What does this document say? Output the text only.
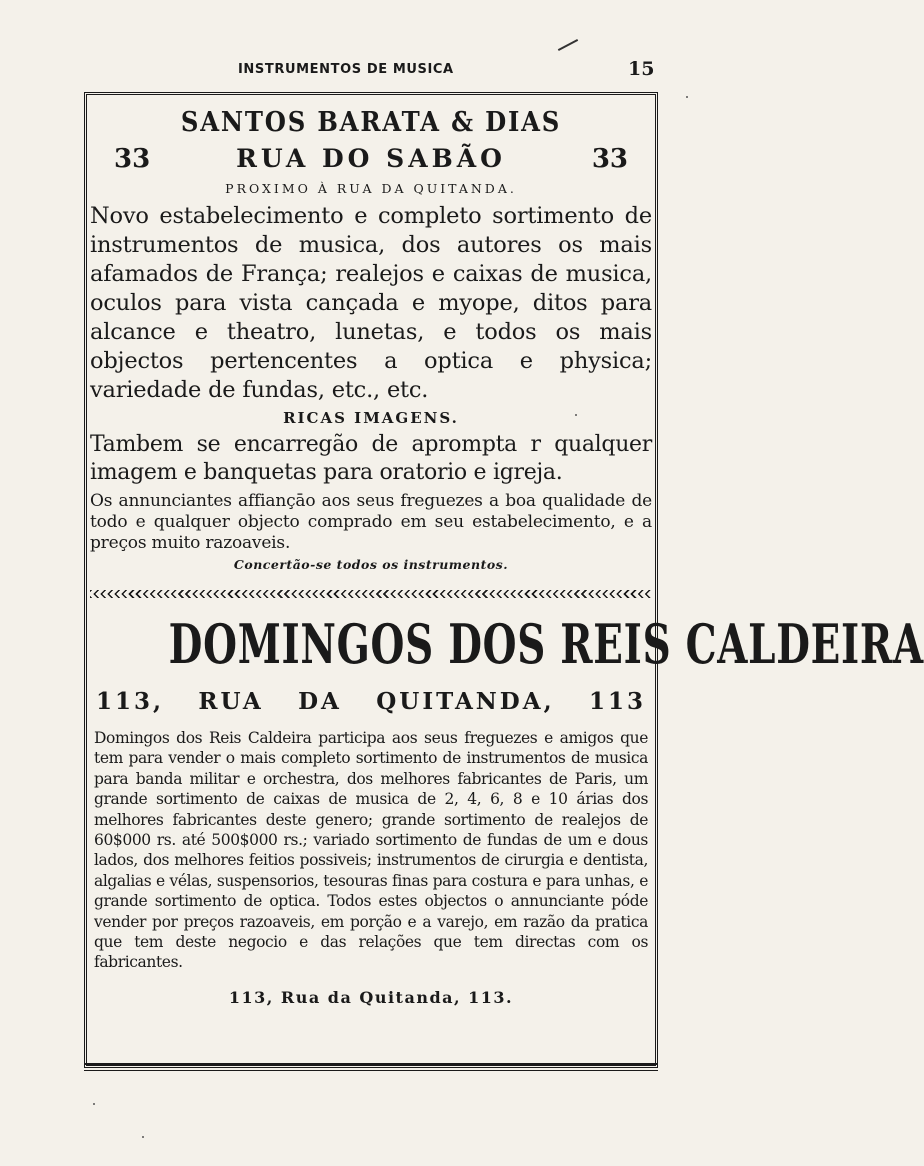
INSTRUMENTOS DE MUSICA	15
SANTOS BARATA & DIAS
33	RUA DO SABÃO	33
PROXIMO À RUA DA QUITANDA.

Novo estabelecimento e completo sortimento de instrumentos de musica, dos autores os mais afamados de França; realejos e caixas de musica, oculos para vista cançada e myope, ditos para alcance e theatro, lunetas, e todos os mais objectos pertencentes a optica e physica; variedade de fundas, etc., etc.

RICAS IMAGENS.

Tambem se encarregão de aprompta r qualquer imagem e banquetas para oratorio e igreja.

Os annunciantes affiançāo aos seus freguezes a boa qualidade de todo e qualquer objecto comprado em seu estabelecimento, e a preços muito razoaveis.

Concertão-se todos os instrumentos.
DOMINGOS DOS REIS CALDEIRA
113, RUA DA QUITANDA, 113

Domingos dos Reis Caldeira participa aos seus freguezes e amigos que tem para vender o mais completo sortimento de instrumentos de musica para banda militar e orchestra, dos melhores fabricantes de Paris, um grande sortimento de caixas de musica de 2, 4, 6, 8 e 10 árias dos melhores fabricantes deste genero; grande sortimento de realejos de 60$000 rs. até 500$000 rs.; variado sortimento de fundas de um e dous lados, dos melhores feitios possiveis; instrumentos de cirurgia e dentista, algalias e vélas, suspensorios, tesouras finas para costura e para unhas, e grande sortimento de optica. Todos estes objectos o annunciante póde vender por preços razoaveis, em porção e a varejo, em razão da pratica que tem deste negocio e das relações que tem directas com os fabricantes.

113, Rua da Quitanda, 113.
